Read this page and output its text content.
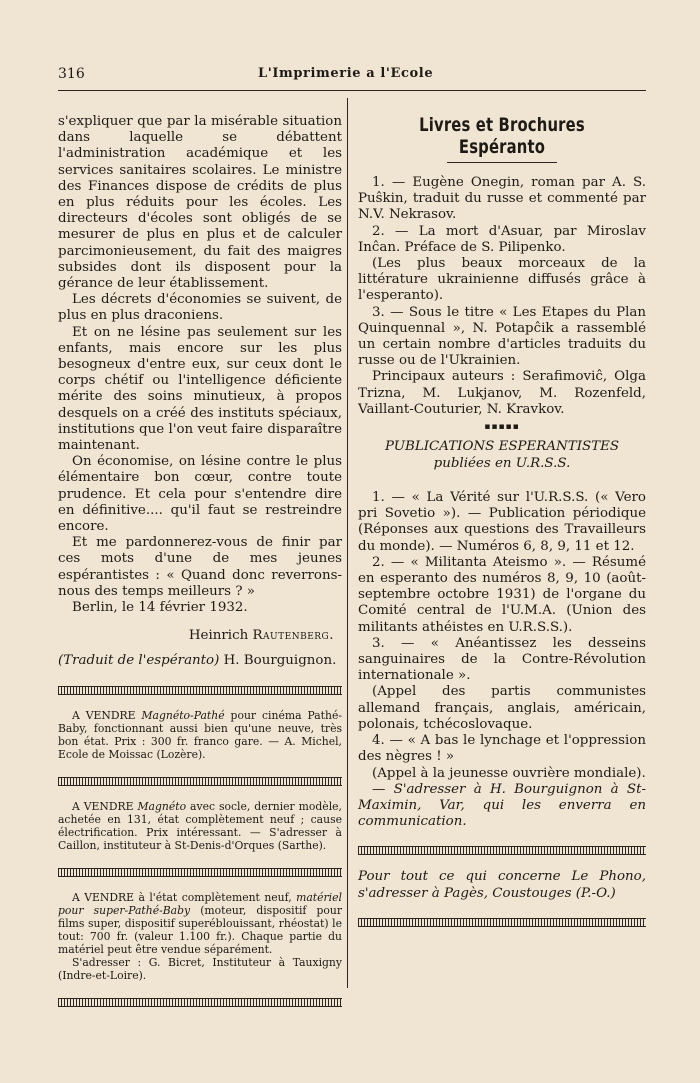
316	L'Imprimerie a l'Ecole

s'expliquer que par la misérable situation dans laquelle se débattent l'administration académique et les services sanitaires scolaires. Le ministre des Finances dispose de crédits de plus en plus réduits pour les écoles. Les directeurs d'écoles sont obligés de se mesurer de plus en plus et de calculer parcimonieusement, du fait des maigres subsides dont ils disposent pour la gérance de leur établissement.

Les décrets d'économies se suivent, de plus en plus draconiens.

Et on ne lésine pas seulement sur les enfants, mais encore sur les plus besogneux d'entre eux, sur ceux dont le corps chétif ou l'intelligence déficiente mérite des soins minutieux, à propos desquels on a créé des instituts spéciaux, institutions que l'on veut faire disparaître maintenant.

On économise, on lésine contre le plus élémentaire bon cœur, contre toute prudence. Et cela pour s'entendre dire en définitive.... qu'il faut se restreindre encore.

Et me pardonnerez-vous de finir par ces mots d'une de mes jeunes espérantistes : « Quand donc reverrons-nous des temps meilleurs ? »

Berlin, le 14 février 1932.

Heinrich Rautenberg.

(Traduit de l'espéranto) H. Bourguignon.

A VENDRE Magnéto-Pathé pour cinéma Pathé-Baby, fonctionnant aussi bien qu'une neuve, très bon état. Prix : 300 fr. franco gare. — A. Michel, Ecole de Moissac (Lozère).

A VENDRE Magnéto avec socle, dernier modèle, achetée en 131, état complètement neuf ; cause électrification. Prix intéressant. — S'adresser à Caillon, instituteur à St-Denis-d'Orques (Sarthe).

A VENDRE à l'état complètement neuf, matériel pour super-Pathé-Baby (moteur, dispositif pour films super, dispositif superéblouissant, rhéostat) le tout: 700 fr. (valeur 1.100 fr.). Chaque partie du matériel peut être vendue séparément.

S'adresser : G. Bicret, Instituteur à Tauxigny (Indre-et-Loire).

Livres et Brochures Espéranto

1. — Eugène Onegin, roman par A. S. Puŝkin, traduit du russe et commenté par N.V. Nekrasov.

2. — La mort d'Asuar, par Miroslav Inĉan. Préface de S. Pilipenko.

(Les plus beaux morceaux de la littérature ukrainienne diffusés grâce à l'esperanto).

3. — Sous le titre « Les Etapes du Plan Quinquennal », N. Potapĉik a rassemblé un certain nombre d'articles traduits du russe ou de l'Ukrainien.

Principaux auteurs : Serafimoviĉ, Olga Trizna, M. Lukjanov, M. Rozenfeld, Vaillant-Couturier, N. Kravkov.

▪▪▪▪▪

PUBLICATIONS ESPERANTISTES

publiées en U.R.S.S.

1. — « La Vérité sur l'U.R.S.S. (« Vero pri Sovetio »). — Publication périodique (Réponses aux questions des Travailleurs du monde). — Numéros 6, 8, 9, 11 et 12.

2. — « Militanta Ateismo ». — Résumé en esperanto des numéros 8, 9, 10 (août-septembre octobre 1931) de l'organe du Comité central de l'U.M.A. (Union des militants athéistes en U.R.S.S.).

3. — « Anéantissez les desseins sanguinaires de la Contre-Révolution internationale ».

(Appel des partis communistes allemand français, anglais, américain, polonais, tchécoslovaque.

4. — « A bas le lynchage et l'oppression des nègres ! »

(Appel à la jeunesse ouvrière mondiale).

— S'adresser à H. Bourguignon à St-Maximin, Var, qui les enverra en communication.

Pour tout ce qui concerne Le Phono, s'adresser à Pagès, Coustouges (P.-O.)
